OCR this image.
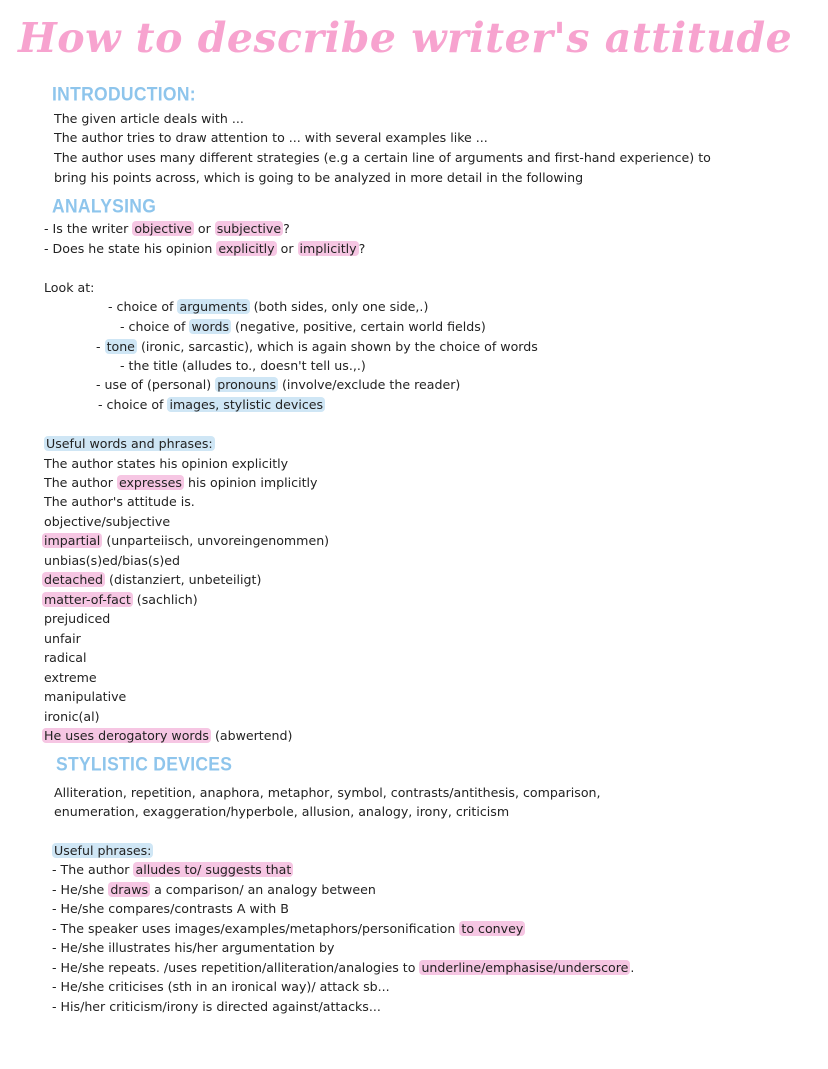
How to describe writer's attitude
INTRODUCTION:
The given article deals with ...
The author tries to draw attention to ... with several examples like ...
The author uses many different strategies (e.g a certain line of arguments and first-hand experience) to
bring his points across, which is going to be analyzed in more detail in the following
ANALYSING
- Is the writer objective or subjective ?
- Does he state his opinion explicitly or implicitly ?
Look at:
- choice of arguments (both sides, only one side,.)
- choice of words (negative, positive, certain world fields)
- tone (ironic, sarcastic), which is again shown by the choice of words
- the title (alludes to., doesn't tell us.,.)
- use of (personal) pronouns (involve/exclude the reader)
- choice of images, stylistic devices
Useful words and phrases:
The author states his opinion explicitly
The author expresses his opinion implicitly
The author's attitude is.
objective/subjective
impartial (unparteiisch, unvoreingenommen)
unbias(s)ed/bias(s)ed
detached (distanziert, unbeteiligt)
matter-of-fact (sachlich)
prejudiced
unfair
radical
extreme
manipulative
ironic(al)
He uses derogatory words (abwertend)
STYLISTIC DEVICES
Alliteration, repetition, anaphora, metaphor, symbol, contrasts/antithesis, comparison,
enumeration, exaggeration/hyperbole, allusion, analogy, irony, criticism
Useful phrases:
- The author alludes to/ suggests that
- He/she draws a comparison/ an analogy between
- He/she compares/contrasts A with B
- The speaker uses images/examples/metaphors/personification to convey
- He/she illustrates his/her argumentation by
- He/she repeats. /uses repetition/alliteration/analogies to underline/emphasise/underscore .
- He/she criticises (sth in an ironical way)/ attack sb...
- His/her criticism/irony is directed against/attacks...
